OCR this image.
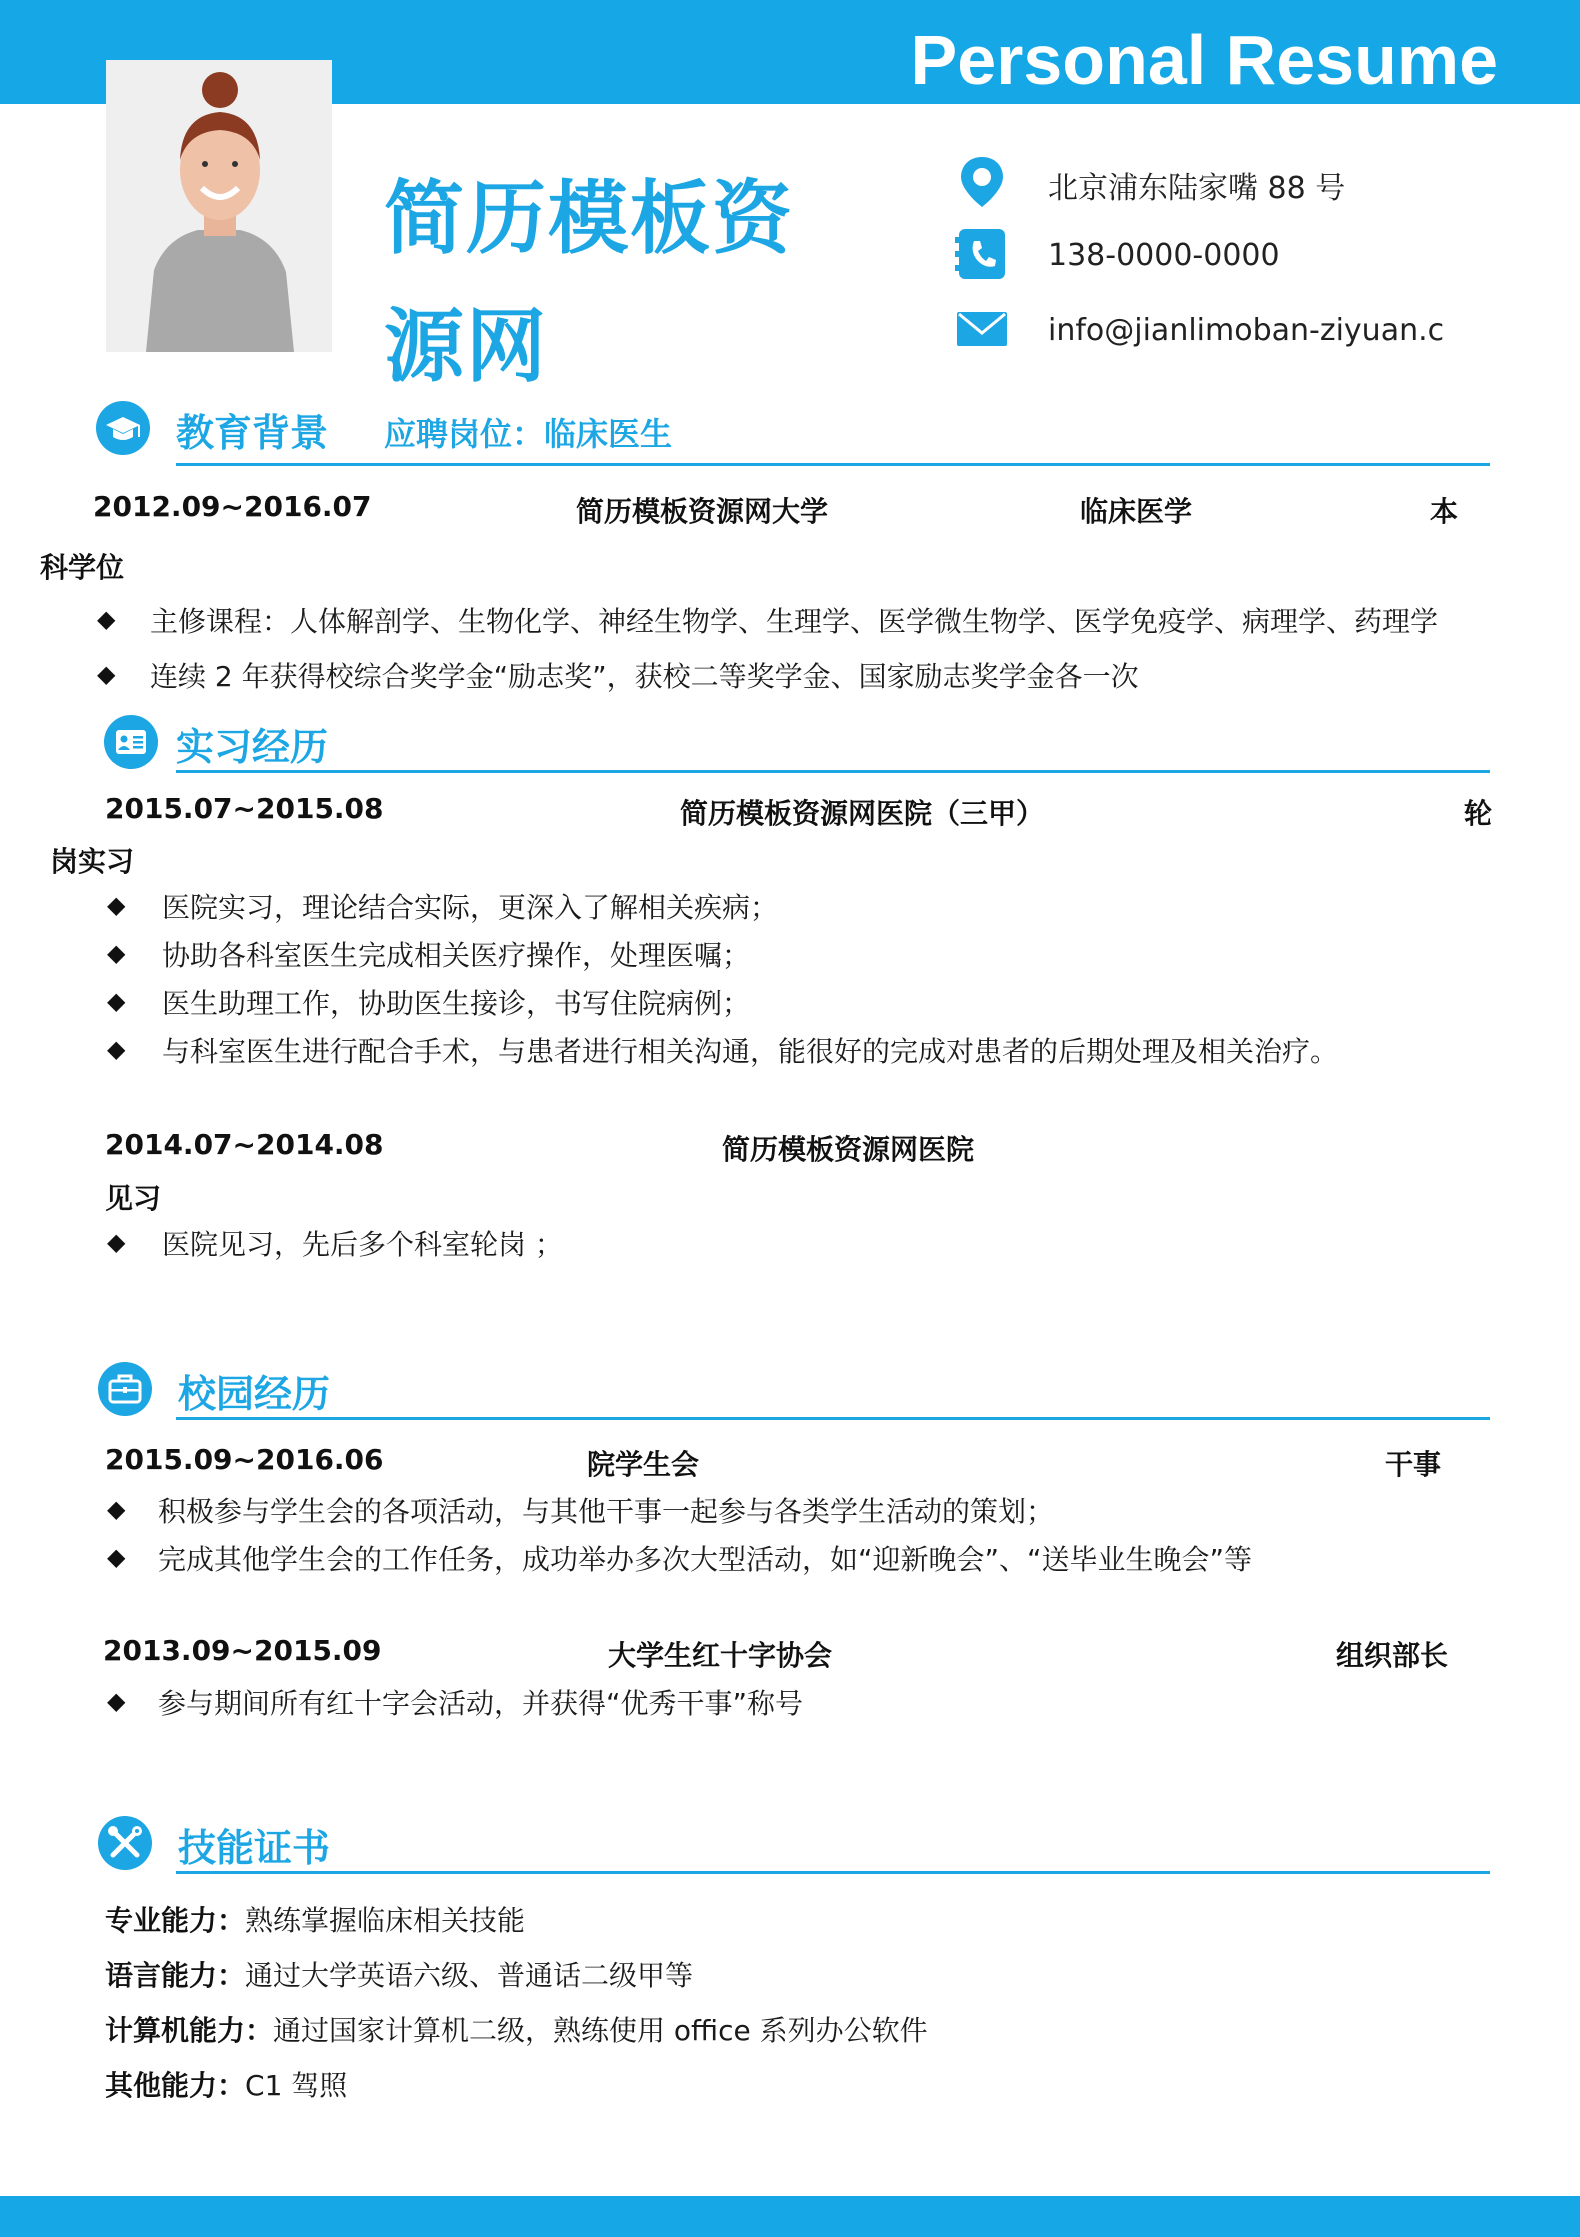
Personal Resume
简历模板资
源网
北京浦东陆家嘴 88 号
138-0000-0000
info@jianlimoban-ziyuan.c
教育背景 应聘岗位：临床医生
2012.09~2016.07	简历模板资源网大学	临床医学	本
科学位
◆ 主修课程：人体解剖学、生物化学、神经生物学、生理学、医学微生物学、医学免疫学、病理学、药理学
◆ 连续 2 年获得校综合奖学金“励志奖”，获校二等奖学金、国家励志奖学金各一次
实习经历
2015.07~2015.08	简历模板资源网医院（三甲）	轮
岗实习
◆ 医院实习，理论结合实际，更深入了解相关疾病；
◆ 协助各科室医生完成相关医疗操作，处理医嘱；
◆ 医生助理工作，协助医生接诊，书写住院病例；
◆ 与科室医生进行配合手术，与患者进行相关沟通，能很好的完成对患者的后期处理及相关治疗。
2014.07~2014.08	简历模板资源网医院
见习
◆ 医院见习，先后多个科室轮岗 ；
校园经历
2015.09~2016.06	院学生会	干事
◆ 积极参与学生会的各项活动，与其他干事一起参与各类学生活动的策划；
◆ 完成其他学生会的工作任务，成功举办多次大型活动，如“迎新晚会”、“送毕业生晚会”等
2013.09~2015.09	大学生红十字协会	组织部长
◆ 参与期间所有红十字会活动，并获得“优秀干事”称号
技能证书
专业能力：熟练掌握临床相关技能
语言能力：通过大学英语六级、普通话二级甲等
计算机能力：通过国家计算机二级，熟练使用 office 系列办公软件
其他能力：C1 驾照
